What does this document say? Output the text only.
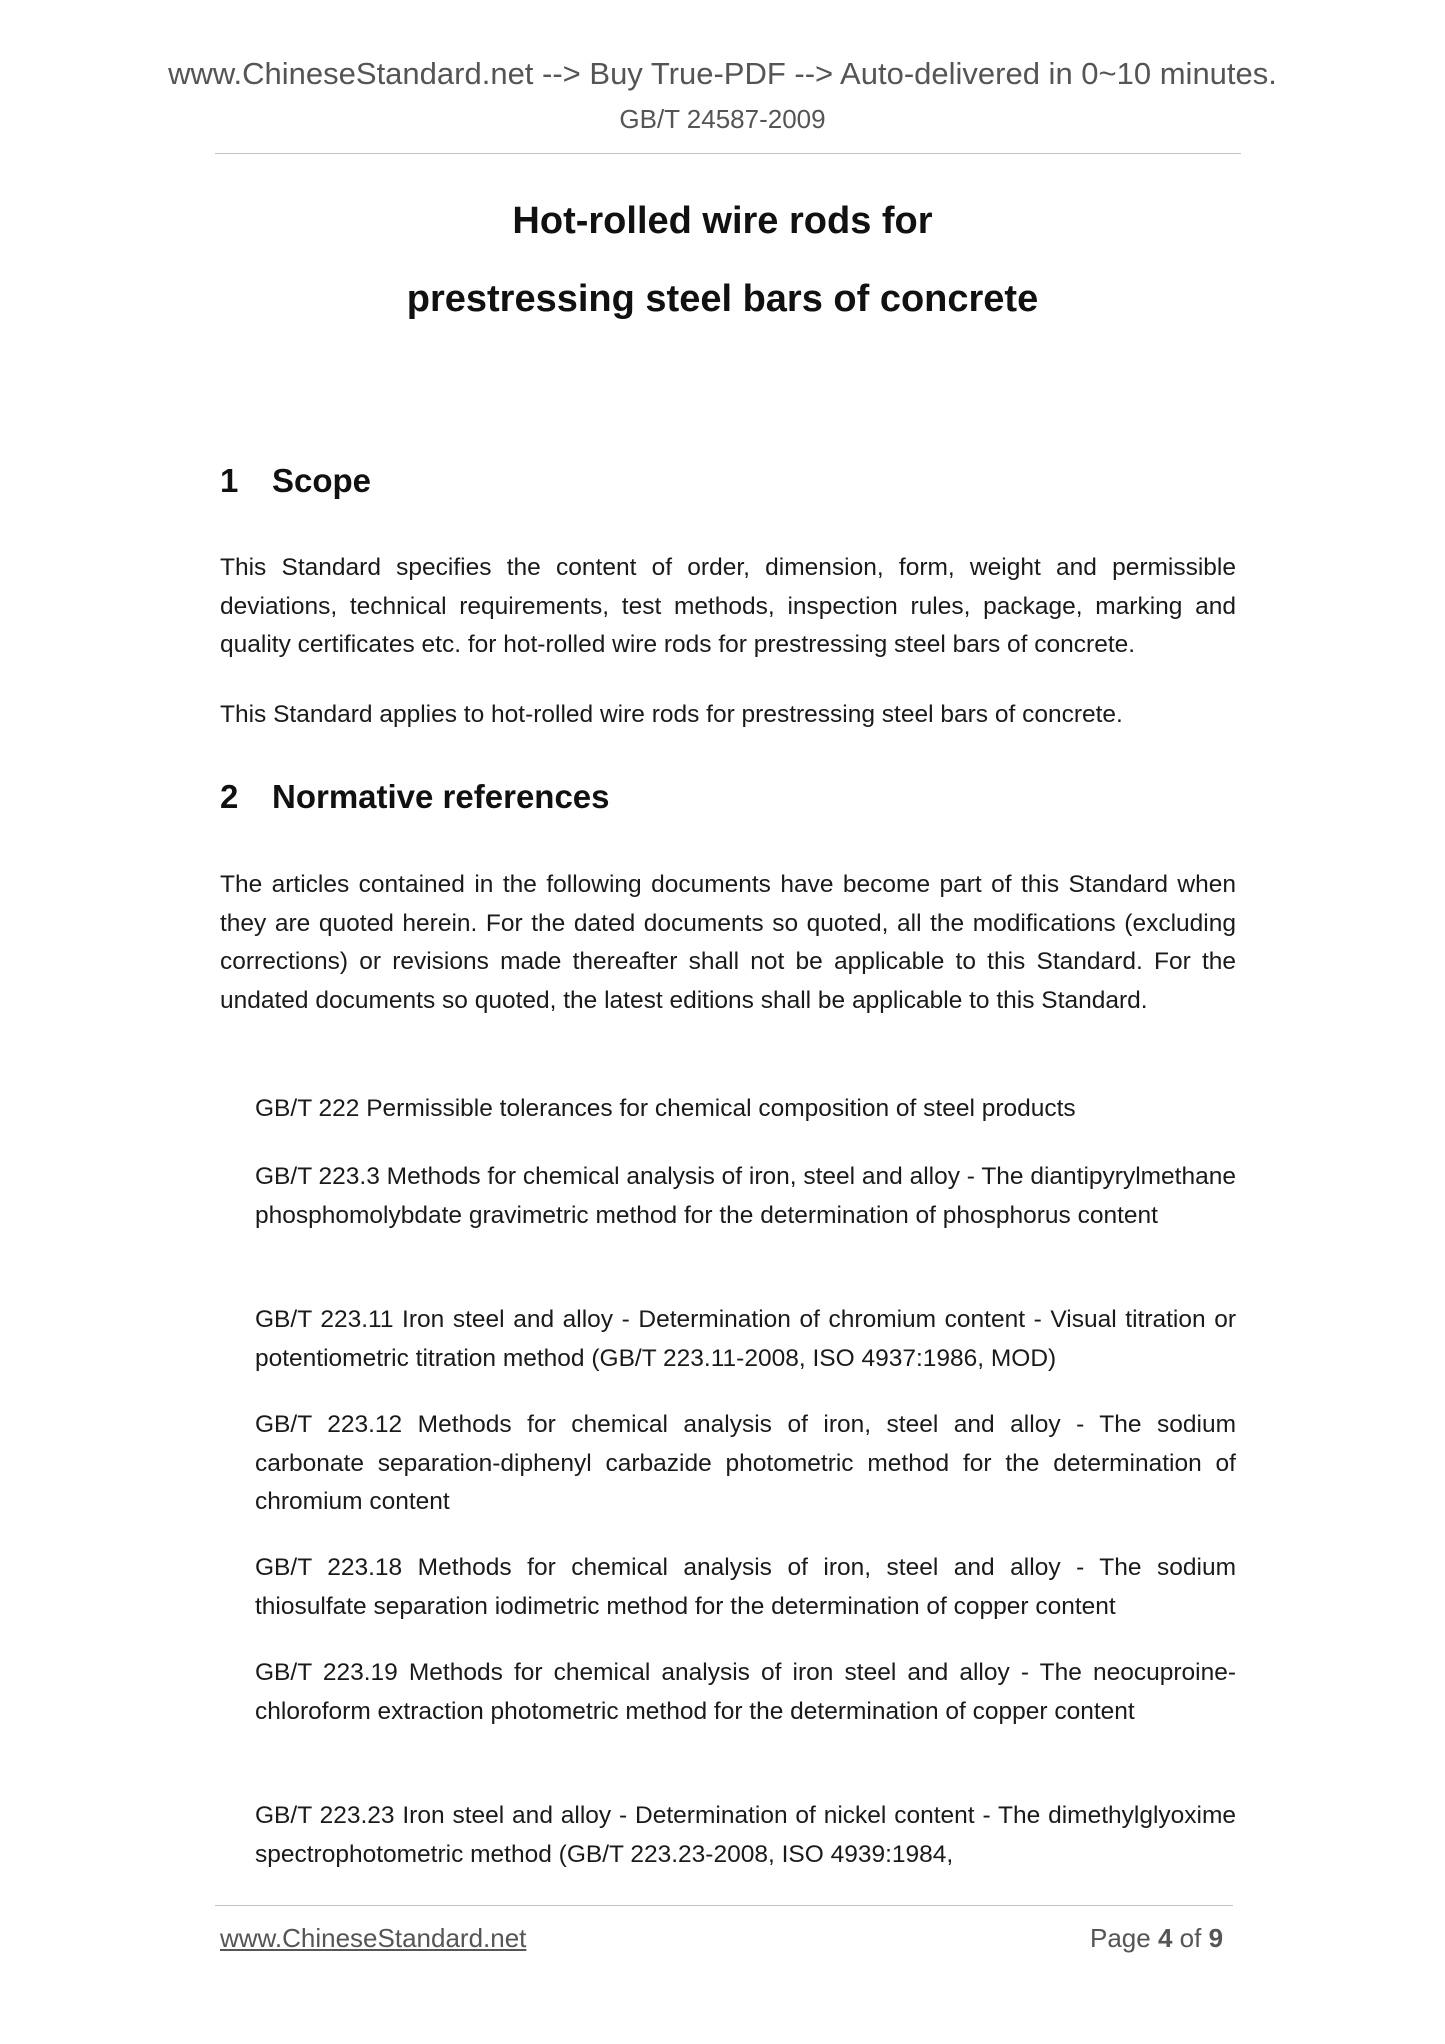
www.ChineseStandard.net --> Buy True-PDF --> Auto-delivered in 0~10 minutes.
GB/T 24587-2009
Hot-rolled wire rods for
prestressing steel bars of concrete
1 Scope

This Standard specifies the content of order, dimension, form, weight and permissible deviations, technical requirements, test methods, inspection rules, package, marking and quality certificates etc. for hot-rolled wire rods for prestressing steel bars of concrete.

This Standard applies to hot-rolled wire rods for prestressing steel bars of concrete.

2 Normative references

The articles contained in the following documents have become part of this Standard when they are quoted herein. For the dated documents so quoted, all the modifications (excluding corrections) or revisions made thereafter shall not be applicable to this Standard. For the undated documents so quoted, the latest editions shall be applicable to this Standard.

GB/T 222 Permissible tolerances for chemical composition of steel products

GB/T 223.3 Methods for chemical analysis of iron, steel and alloy - The diantipyrylmethane phosphomolybdate gravimetric method for the determination of phosphorus content

GB/T 223.11 Iron steel and alloy - Determination of chromium content - Visual titration or potentiometric titration method (GB/T 223.11-2008, ISO 4937:1986, MOD)

GB/T 223.12 Methods for chemical analysis of iron, steel and alloy - The sodium carbonate separation-diphenyl carbazide photometric method for the determination of chromium content

GB/T 223.18 Methods for chemical analysis of iron, steel and alloy - The sodium thiosulfate separation iodimetric method for the determination of copper content

GB/T 223.19 Methods for chemical analysis of iron steel and alloy - The neocuproine-chloroform extraction photometric method for the determination of copper content

GB/T 223.23 Iron steel and alloy - Determination of nickel content - The dimethylglyoxime spectrophotometric method (GB/T 223.23-2008, ISO 4939:1984,

www.ChineseStandard.net	Page 4 of 9
